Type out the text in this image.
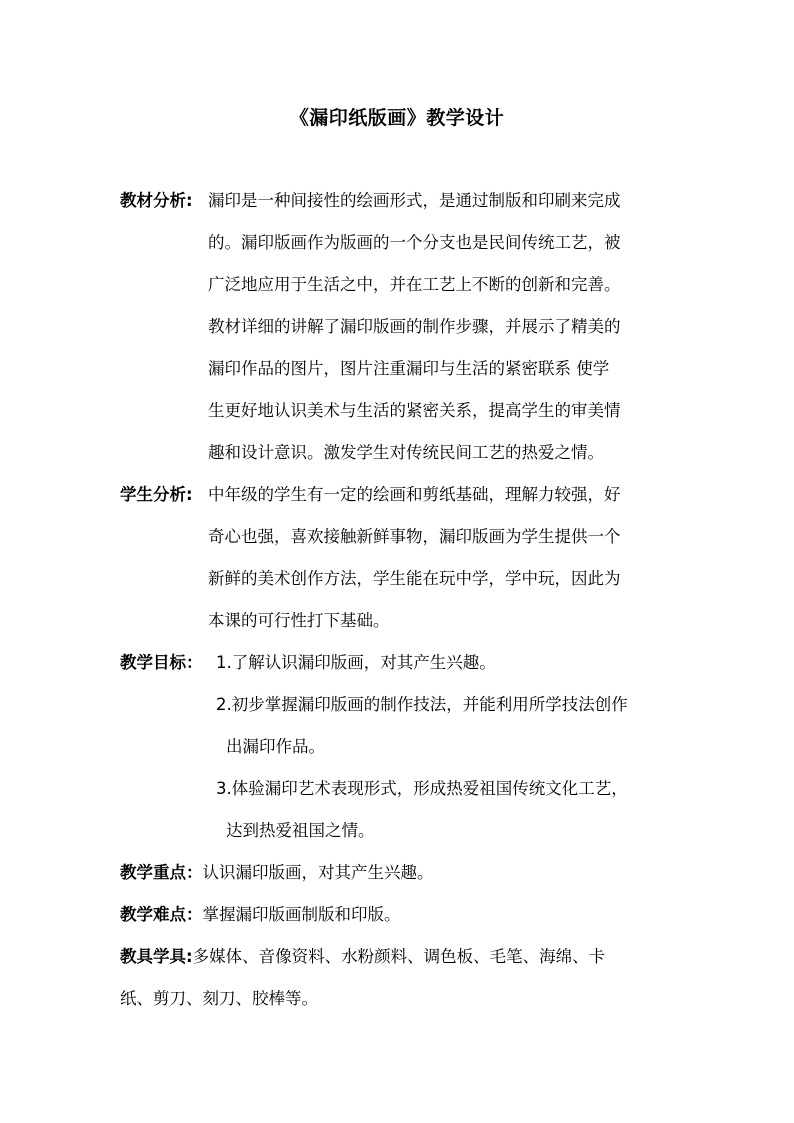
《漏印纸版画》教学设计
教材分析: 漏印是一种间接性的绘画形式，是通过制版和印刷来完成
的。漏印版画作为版画的一个分支也是民间传统工艺，被
广泛地应用于生活之中，并在工艺上不断的创新和完善。
教材详细的讲解了漏印版画的制作步骤，并展示了精美的
漏印作品的图片，图片注重漏印与生活的紧密联系 使学
生更好地认识美术与生活的紧密关系，提高学生的审美情
趣和设计意识。激发学生对传统民间工艺的热爱之情。
学生分析: 中年级的学生有一定的绘画和剪纸基础，理解力较强，好
奇心也强，喜欢接触新鲜事物，漏印版画为学生提供一个
新鲜的美术创作方法，学生能在玩中学，学中玩，因此为
本课的可行性打下基础。
教学目标： 1.了解认识漏印版画，对其产生兴趣。
2.初步掌握漏印版画的制作技法，并能利用所学技法创作
出漏印作品。
3.体验漏印艺术表现形式，形成热爱祖国传统文化工艺，
达到热爱祖国之情。
教学重点：认识漏印版画，对其产生兴趣。
教学难点：掌握漏印版画制版和印版。
教具学具:多媒体、音像资料、水粉颜料、调色板、毛笔、海绵、卡
纸、剪刀、刻刀、胶棒等。
